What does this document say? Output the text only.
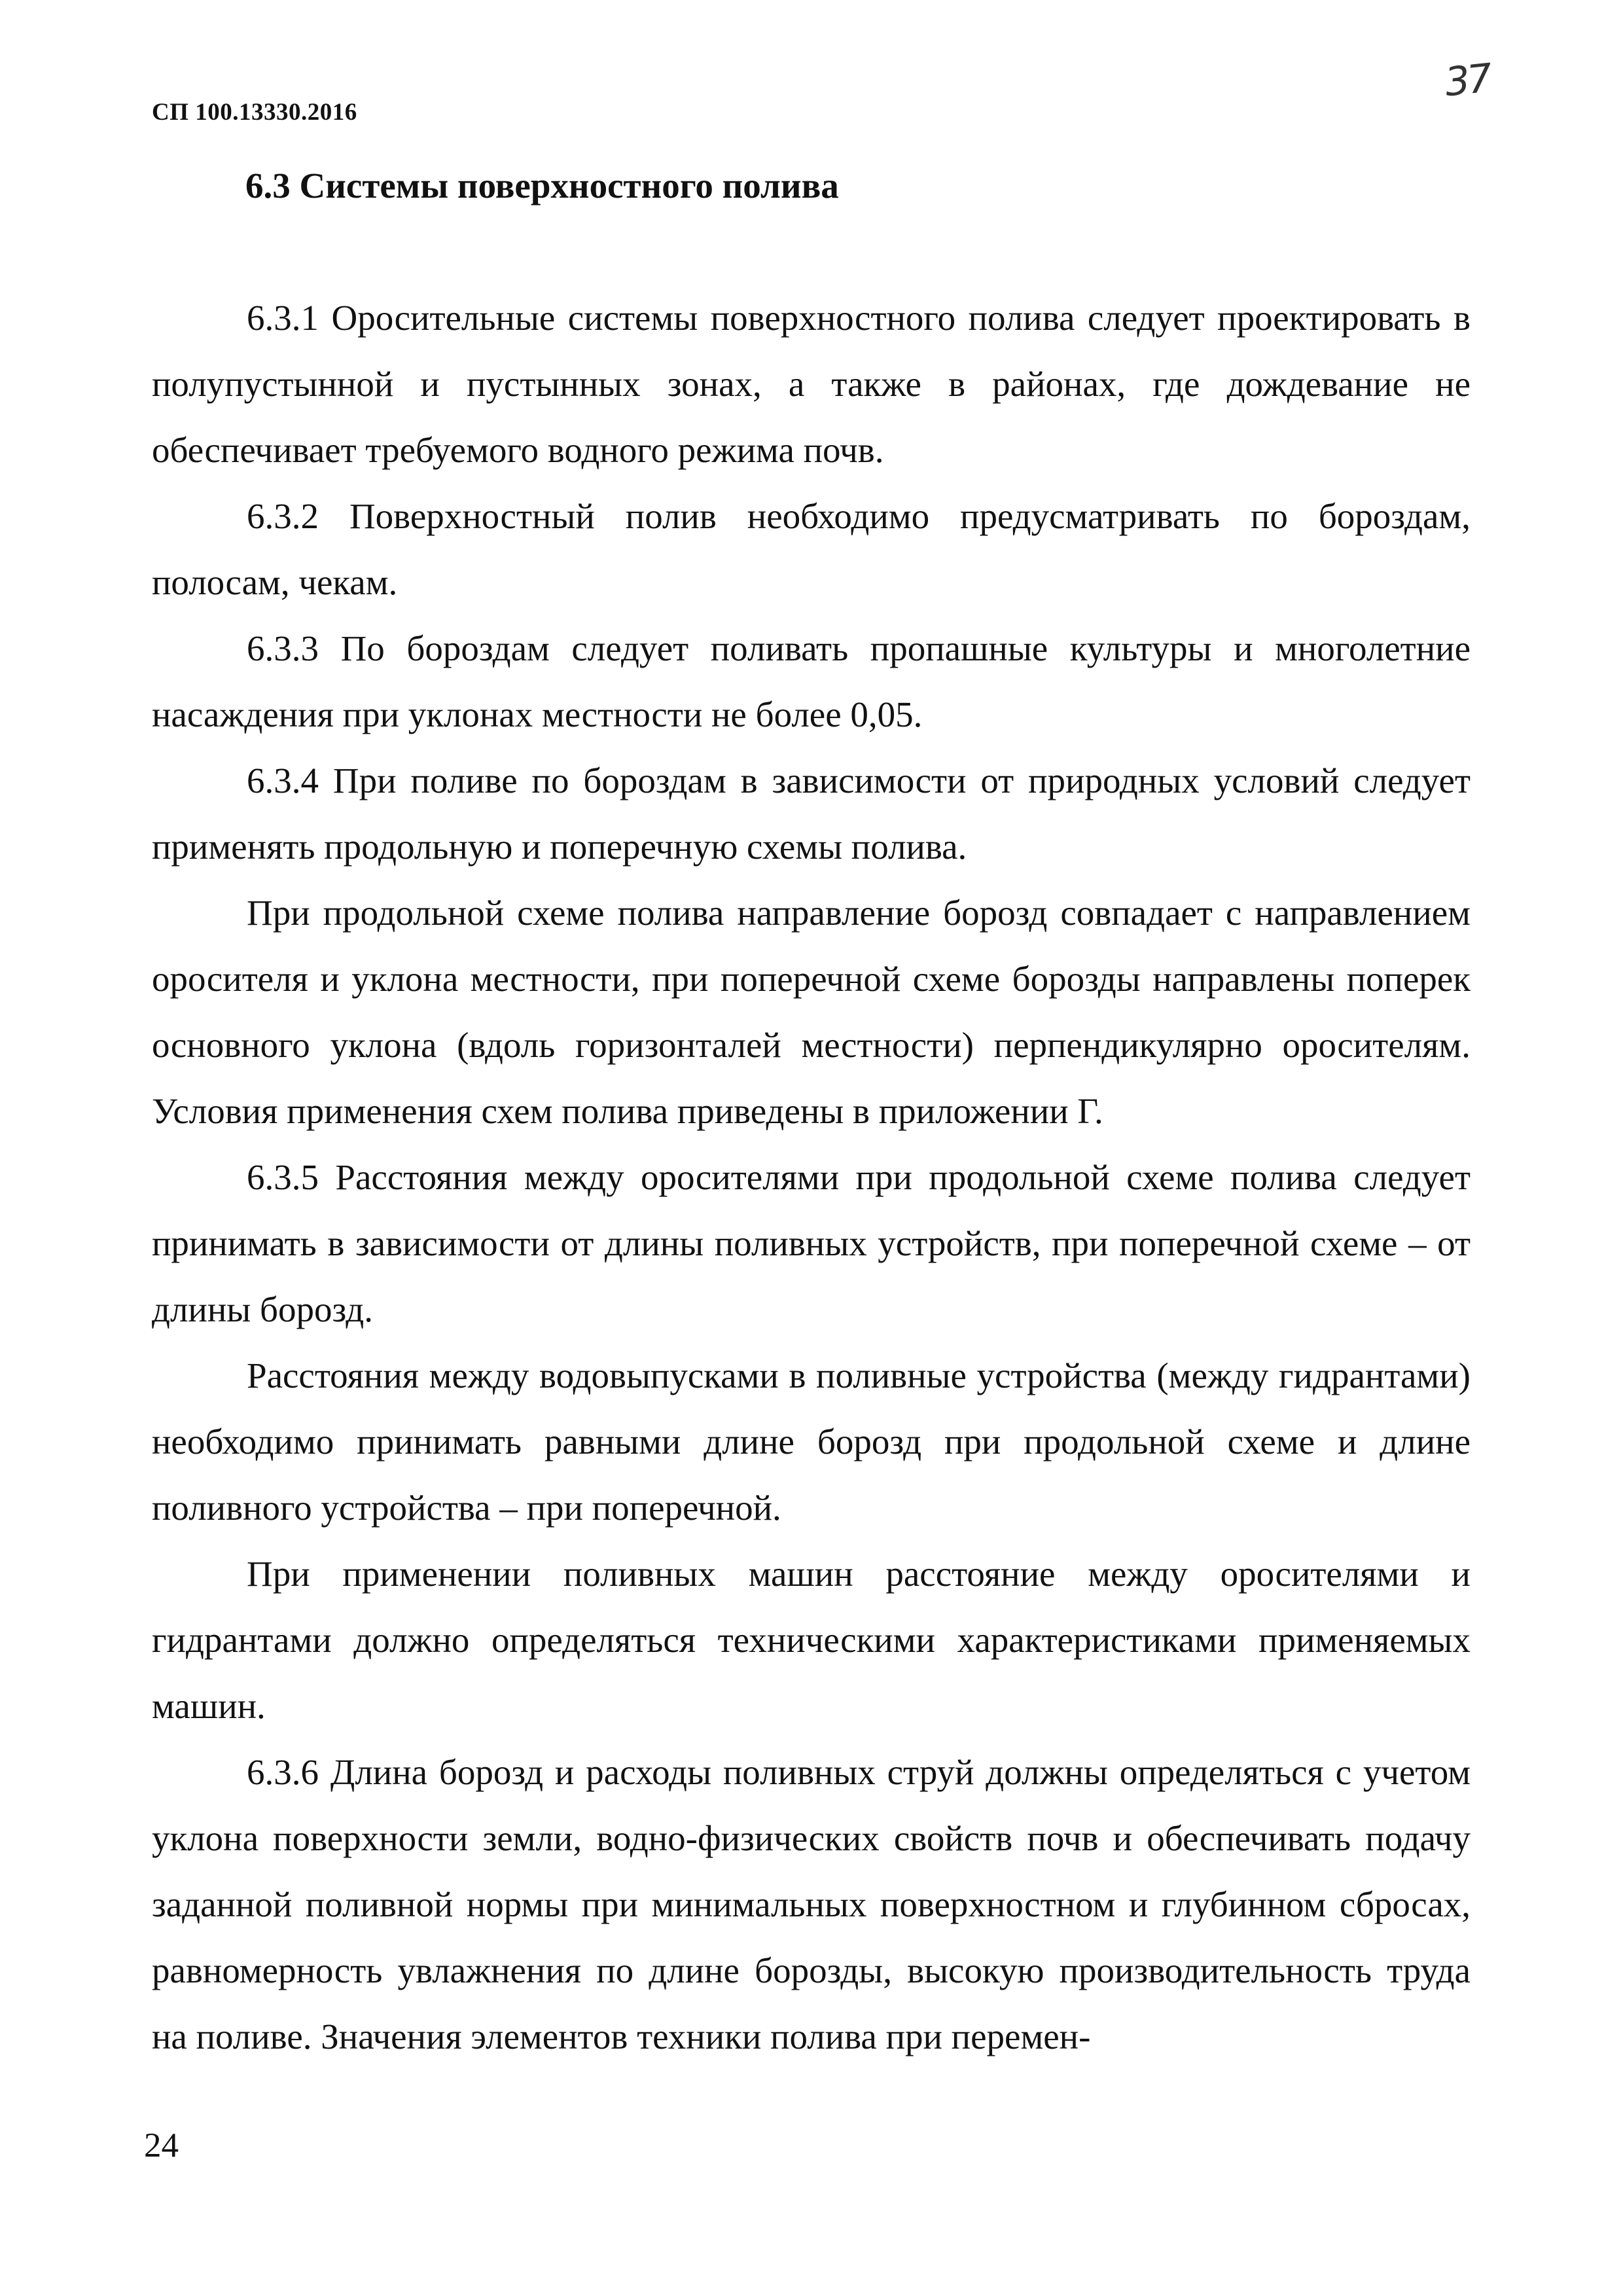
СП 100.13330.2016
37
6.3 Системы поверхностного полива

6.3.1 Оросительные системы поверхностного полива следует проектировать в полупустынной и пустынных зонах, а также в районах, где дождевание не обеспечивает требуемого водного режима почв.

6.3.2 Поверхностный полив необходимо предусматривать по бороздам, полосам, чекам.

6.3.3 По бороздам следует поливать пропашные культуры и многолетние насаждения при уклонах местности не более 0,05.

6.3.4 При поливе по бороздам в зависимости от природных условий следует применять продольную и поперечную схемы полива.

При продольной схеме полива направление борозд совпадает с направлением оросителя и уклона местности, при поперечной схеме борозды направлены поперек основного уклона (вдоль горизонталей местности) перпендикулярно оросителям. Условия применения схем полива приведены в приложении Г.

6.3.5 Расстояния между оросителями при продольной схеме полива следует принимать в зависимости от длины поливных устройств, при поперечной схеме – от длины борозд.

Расстояния между водовыпусками в поливные устройства (между гидрантами) необходимо принимать равными длине борозд при продольной схеме и длине поливного устройства – при поперечной.

При применении поливных машин расстояние между оросителями и гидрантами должно определяться техническими характеристиками применяемых машин.

6.3.6 Длина борозд и расходы поливных струй должны определяться с учетом уклона поверхности земли, водно-физических свойств почв и обеспечивать подачу заданной поливной нормы при минимальных поверхностном и глубинном сбросах, равномерность увлажнения по длине борозды, высокую производительность труда на поливе. Значения элементов техники полива при перемен-

24
